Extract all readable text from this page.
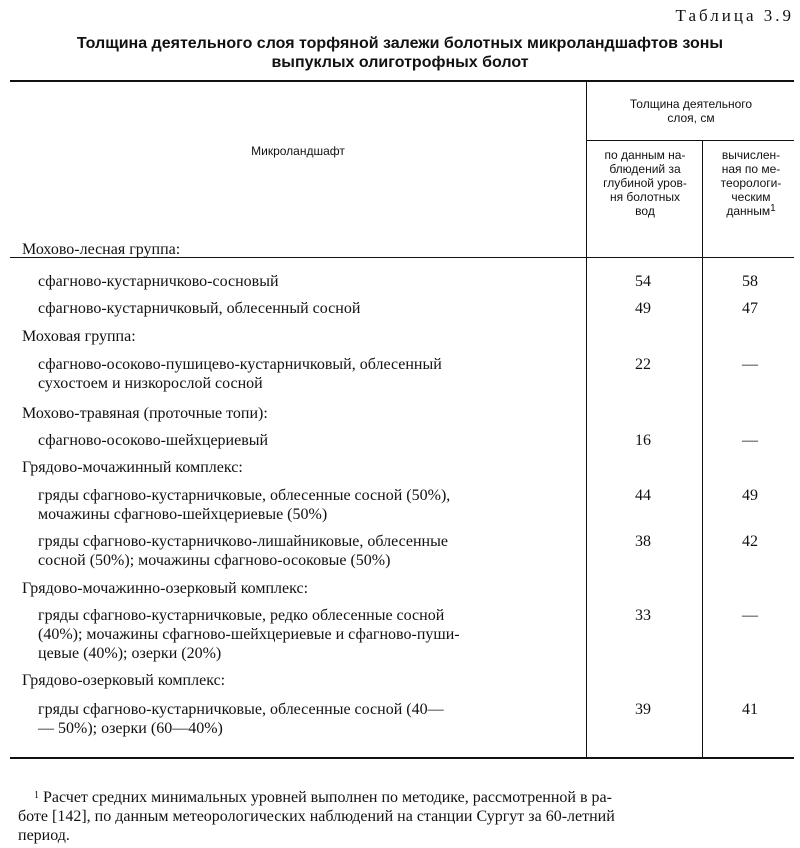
Таблица 3.9
Толщина деятельного слоя торфяной залежи болотных микроландшафтов зоны
выпуклых олиготрофных болот
Микроландшафт
Толщина деятельного
слоя, см
по данным на-
блюдений за
глубиной уров-
ня болотных
вод
вычислен-
ная по ме-
теорологи-
ческим
данным$^1$
Мохово-лесная группа:
сфагново-кустарничково-сосновый	54	58
сфагново-кустарничковый, облесенный сосной	49	47
Моховая группа:
сфагново-осоково-пушицево-кустарничковый, облесенный
сухостоем и низкорослой сосной
22	—
Мохово-травяная (проточные топи):
сфагново-осоково-шейхцериевый	16	—
Грядово-мочажинный комплекс:
гряды сфагново-кустарничковые, облесенные сосной (50%),
мочажины сфагново-шейхцериевые (50%)
44	49
гряды сфагново-кустарничково-лишайниковые, облесенные
сосной (50%); мочажины сфагново-осоковые (50%)
38	42
Грядово-мочажинно-озерковый комплекс:
гряды сфагново-кустарничковые, редко облесенные сосной
(40%); мочажины сфагново-шейхцериевые и сфагново-пуши-
цевые (40%); озерки (20%)
33	—
Грядово-озерковый комплекс:
гряды сфагново-кустарничковые, облесенные сосной (40—
— 50%); озерки (60—40%)
39	41
 $^1$ Расчет средних минимальных уровней выполнен по методике, рассмотренной в ра-
боте [142], по данным метеорологических наблюдений на станции Сургут за 60-летний
период.
